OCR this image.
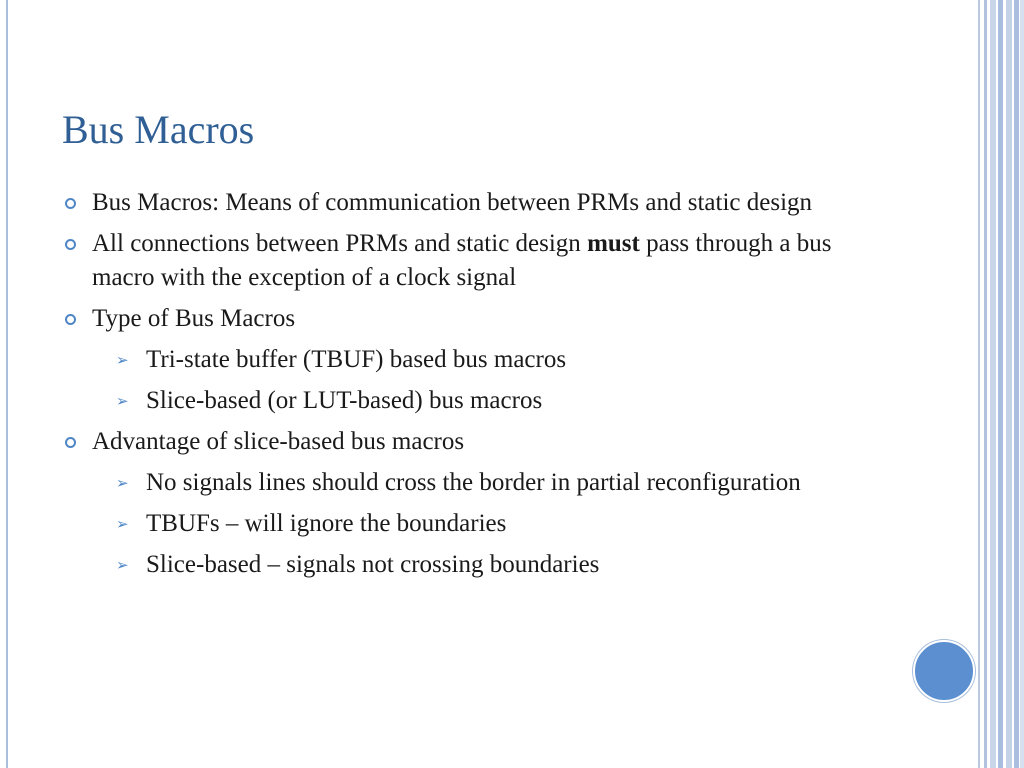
Bus Macros
Bus Macros: Means of communication between PRMs and static design
All connections between PRMs and static design must pass through a bus macro with the exception of a clock signal
Type of Bus Macros
➢ Tri-state buffer (TBUF) based bus macros
➢ Slice-based (or LUT-based) bus macros
Advantage of slice-based bus macros
➢ No signals lines should cross the border in partial reconfiguration
➢ TBUFs – will ignore the boundaries
➢ Slice-based – signals not crossing boundaries
